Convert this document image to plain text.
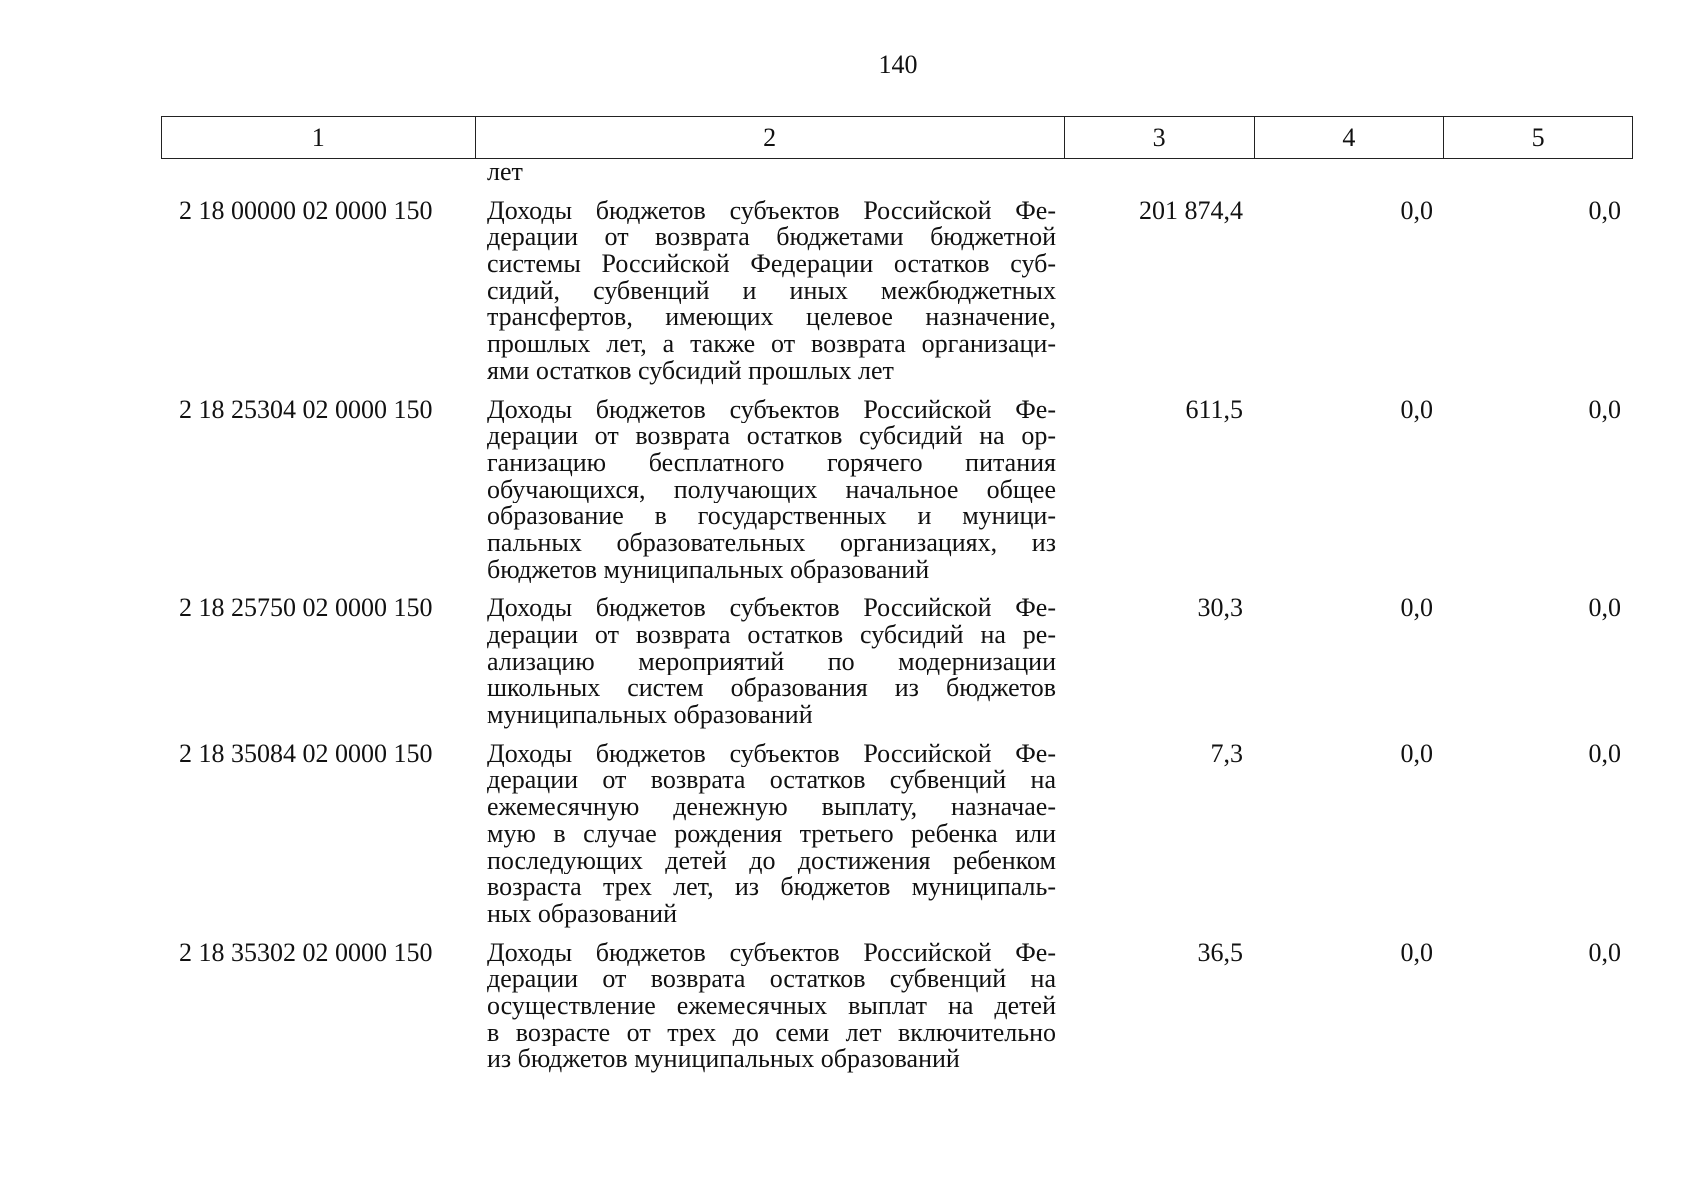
140
1	2	3	4	5
лет
2 18 00000 02 0000 150	Доходы бюджетов субъектов Российской Фе-
дерации от возврата бюджетами бюджетной
системы Российской Федерации остатков суб-
сидий, субвенций и иных межбюджетных
трансфертов, имеющих целевое назначение,
прошлых лет, а также от возврата организаци-
ями остатков субсидий прошлых лет
201 874,4	0,0	0,0
2 18 25304 02 0000 150	Доходы бюджетов субъектов Российской Фе-
дерации от возврата остатков субсидий на ор-
ганизацию бесплатного горячего питания
обучающихся, получающих начальное общее
образование в государственных и муници-
пальных образовательных организациях, из
бюджетов муниципальных образований
611,5	0,0	0,0
2 18 25750 02 0000 150	Доходы бюджетов субъектов Российской Фе-
дерации от возврата остатков субсидий на ре-
ализацию мероприятий по модернизации
школьных систем образования из бюджетов
муниципальных образований
30,3	0,0	0,0
2 18 35084 02 0000 150	Доходы бюджетов субъектов Российской Фе-
дерации от возврата остатков субвенций на
ежемесячную денежную выплату, назначае-
мую в случае рождения третьего ребенка или
последующих детей до достижения ребенком
возраста трех лет, из бюджетов муниципаль-
ных образований
7,3	0,0	0,0
2 18 35302 02 0000 150	Доходы бюджетов субъектов Российской Фе-
дерации от возврата остатков субвенций на
осуществление ежемесячных выплат на детей
в возрасте от трех до семи лет включительно
из бюджетов муниципальных образований
36,5	0,0	0,0
